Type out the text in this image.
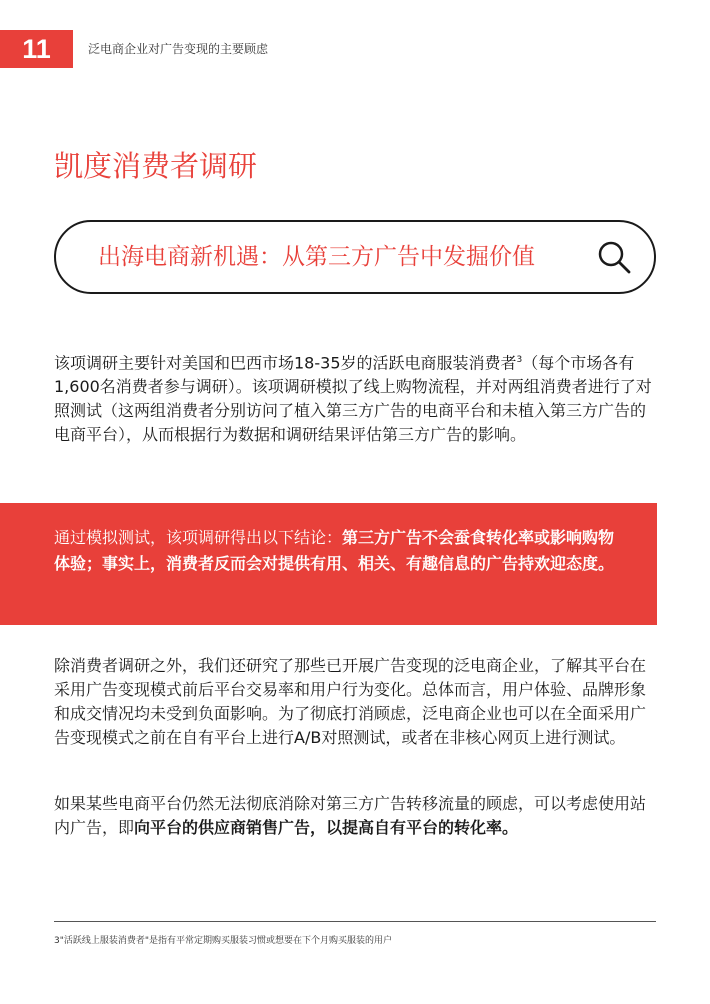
11	泛电商企业对广告变现的主要顾虑
凯度消费者调研
出海电商新机遇：从第三方广告中发掘价值
该项调研主要针对美国和巴西市场18-35岁的活跃电商服装消费者$^3$（每个市场各有1,600名消费者参与调研）。该项调研模拟了线上购物流程，并对两组消费者进行了对照测试（这两组消费者分别访问了植入第三方广告的电商平台和未植入第三方广告的电商平台），从而根据行为数据和调研结果评估第三方广告的影响。
通过模拟测试，该项调研得出以下结论：第三方广告不会蚕食转化率或影响购物体验；事实上，消费者反而会对提供有用、相关、有趣信息的广告持欢迎态度。
除消费者调研之外，我们还研究了那些已开展广告变现的泛电商企业，了解其平台在采用广告变现模式前后平台交易率和用户行为变化。总体而言，用户体验、品牌形象和成交情况均未受到负面影响。为了彻底打消顾虑，泛电商企业也可以在全面采用广告变现模式之前在自有平台上进行A/B对照测试，或者在非核心网页上进行测试。
如果某些电商平台仍然无法彻底消除对第三方广告转移流量的顾虑，可以考虑使用站内广告，即向平台的供应商销售广告，以提高自有平台的转化率。
3"活跃线上服装消费者"是指有平常定期购买服装习惯或想要在下个月购买服装的用户
